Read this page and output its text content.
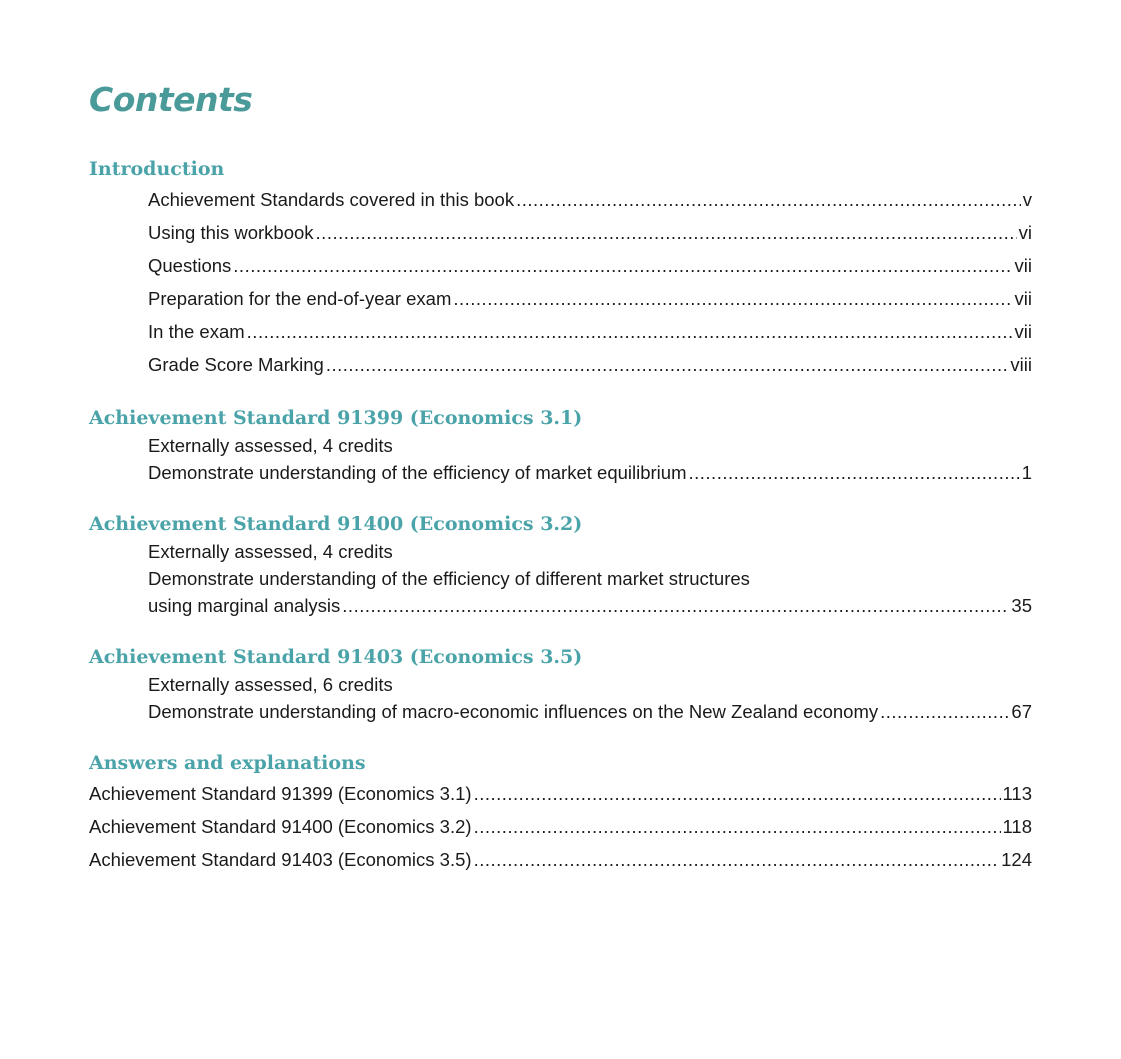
Contents
Introduction
Achievement Standards covered in this book .....	v
Using this workbook .....	vi
Questions .....	vii
Preparation for the end-of-year exam .....	vii
In the exam .....	vii
Grade Score Marking .....	viii
Achievement Standard 91399 (Economics 3.1)
Externally assessed, 4 credits
Demonstrate understanding of the efficiency of market equilibrium .....	1
Achievement Standard 91400 (Economics 3.2)
Externally assessed, 4 credits
Demonstrate understanding of the efficiency of different market structures
using marginal analysis .....	35
Achievement Standard 91403 (Economics 3.5)
Externally assessed, 6 credits
Demonstrate understanding of macro-economic influences on the New Zealand economy .....	67
Answers and explanations
Achievement Standard 91399 (Economics 3.1) .....	113
Achievement Standard 91400 (Economics 3.2) .....	118
Achievement Standard 91403 (Economics 3.5) .....	124
